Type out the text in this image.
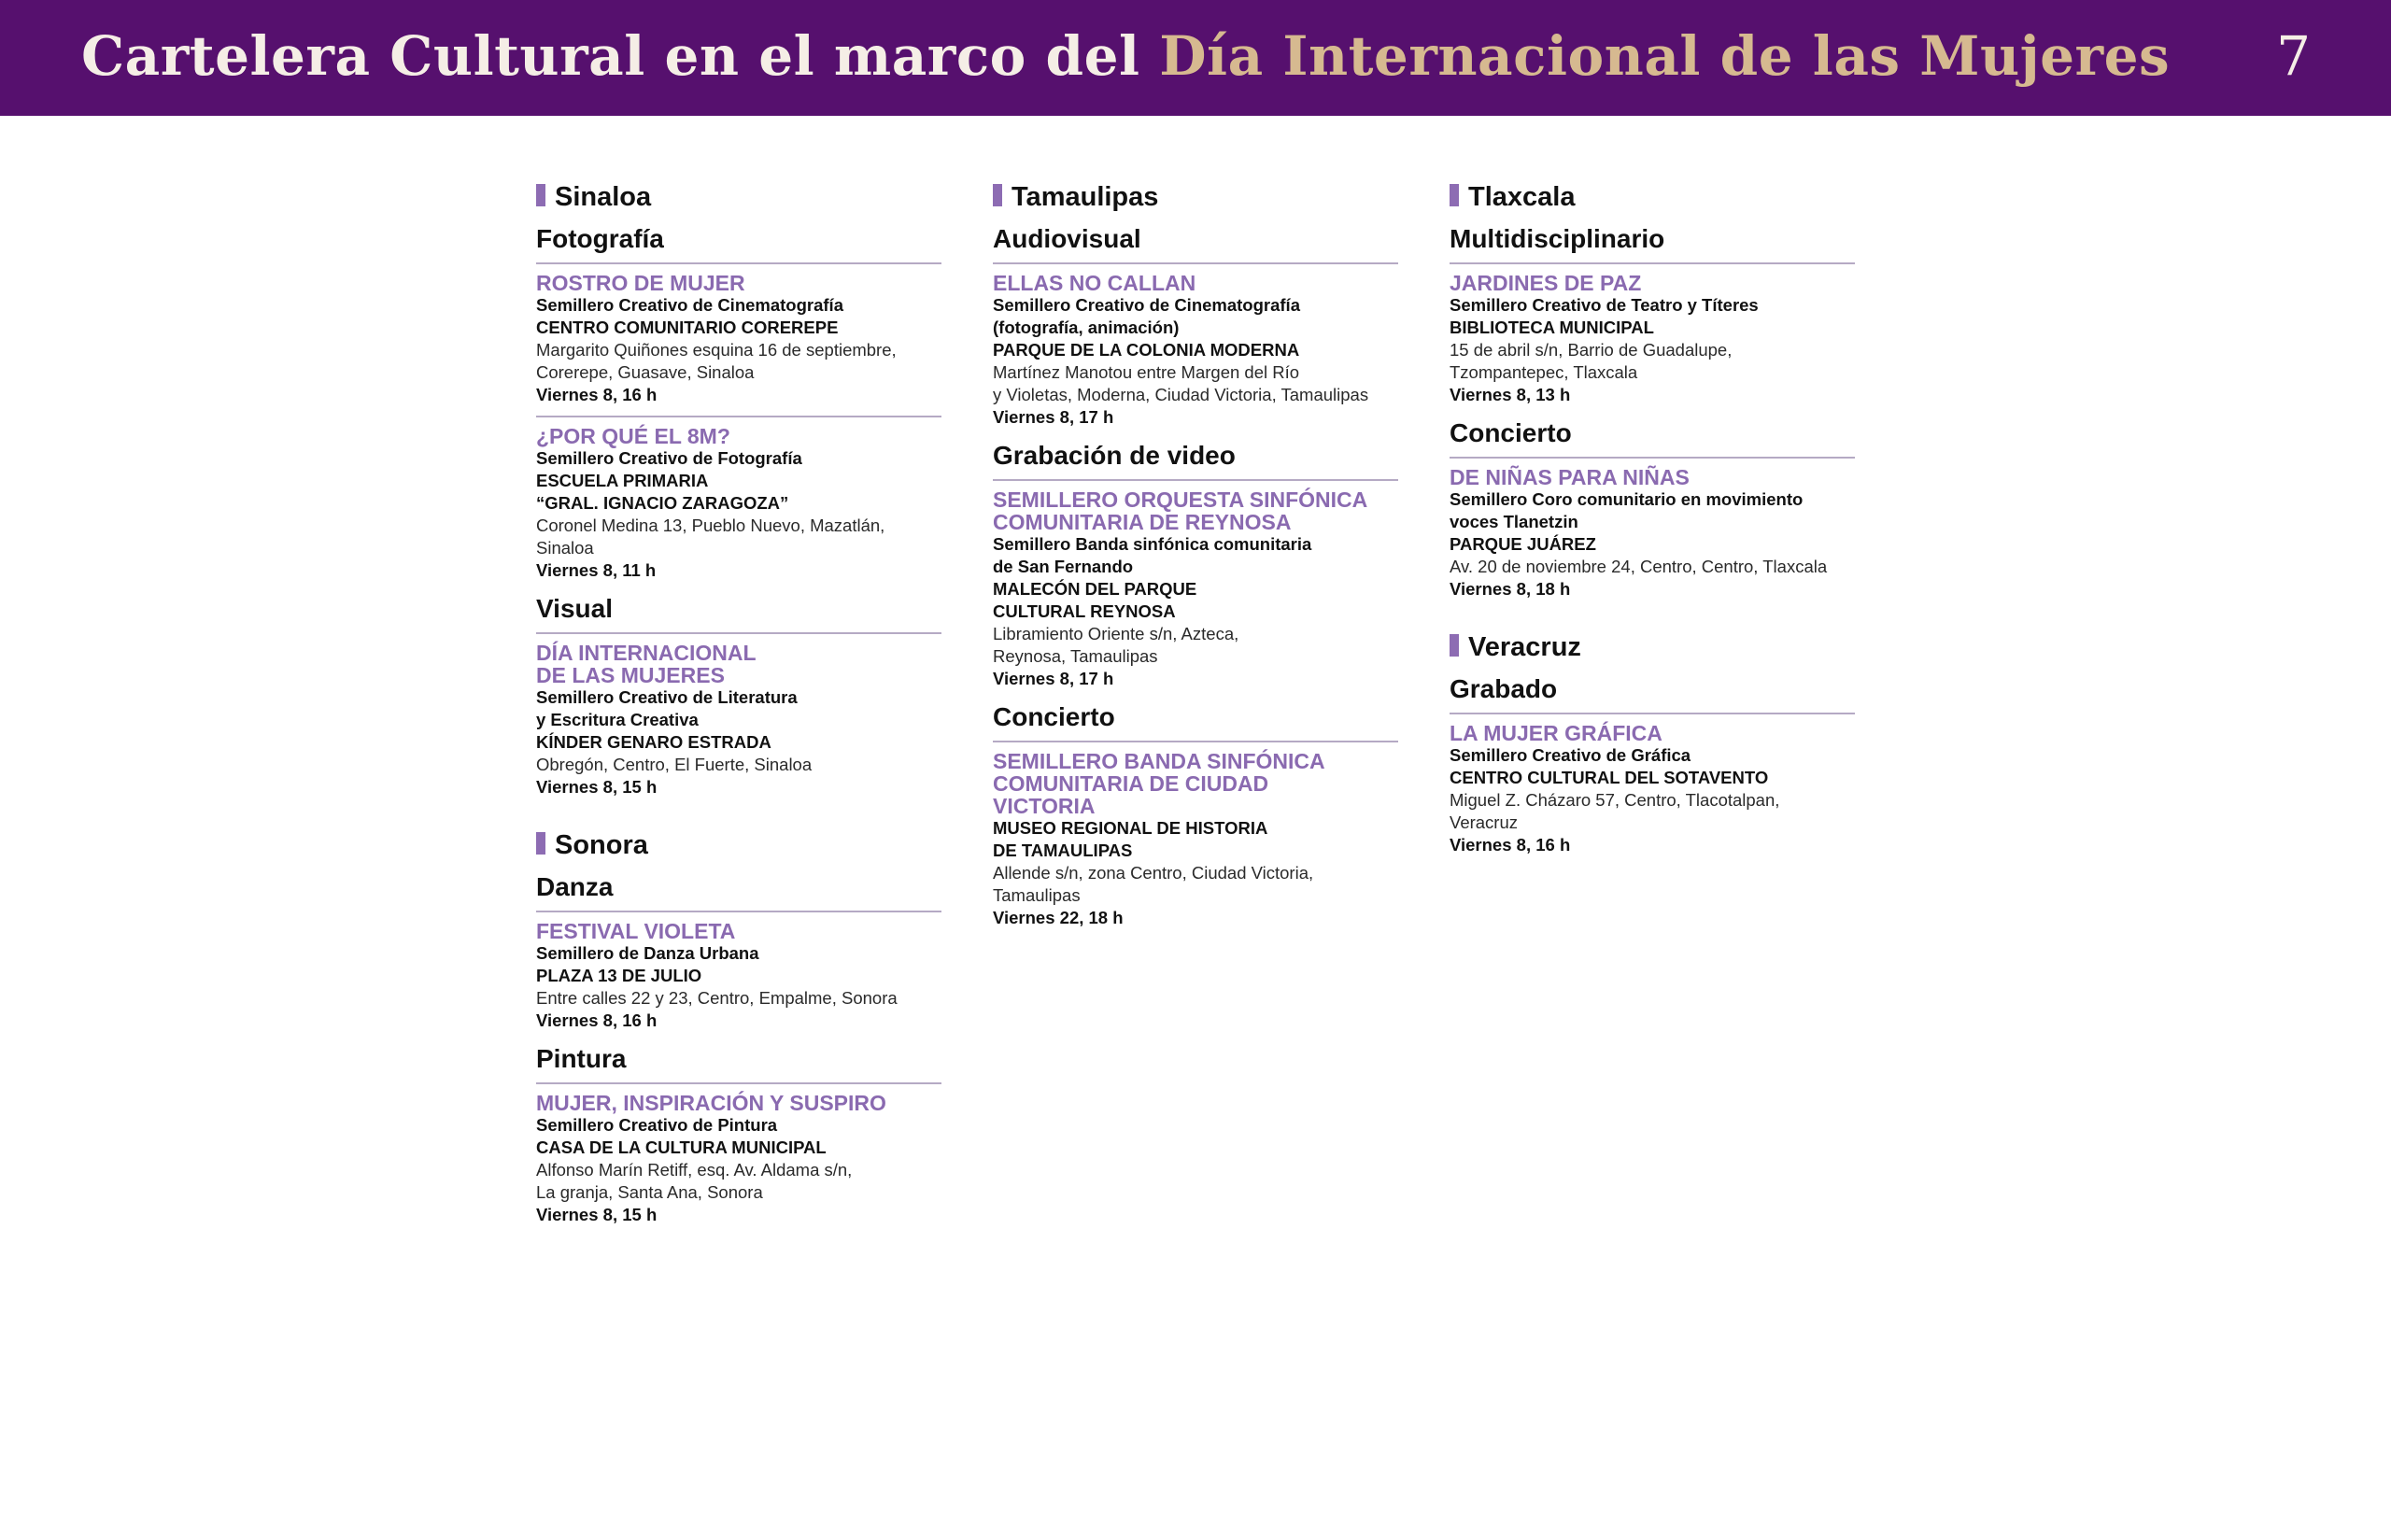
Cartelera Cultural en el marco del Día Internacional de las Mujeres 7
Sinaloa
Fotografía
ROSTRO DE MUJER
Semillero Creativo de Cinematografía
CENTRO COMUNITARIO COREREPE
Margarito Quiñones esquina 16 de septiembre,
Corerepe, Guasave, Sinaloa
Viernes 8, 16 h
¿POR QUÉ EL 8M?
Semillero Creativo de Fotografía
ESCUELA PRIMARIA
“GRAL. IGNACIO ZARAGOZA”
Coronel Medina 13, Pueblo Nuevo, Mazatlán,
Sinaloa
Viernes 8, 11 h
Visual
DÍA INTERNACIONAL
DE LAS MUJERES
Semillero Creativo de Literatura
y Escritura Creativa
KÍNDER GENARO ESTRADA
Obregón, Centro, El Fuerte, Sinaloa
Viernes 8, 15 h
Sonora
Danza
FESTIVAL VIOLETA
Semillero de Danza Urbana
PLAZA 13 DE JULIO
Entre calles 22 y 23, Centro, Empalme, Sonora
Viernes 8, 16 h
Pintura
MUJER, INSPIRACIÓN Y SUSPIRO
Semillero Creativo de Pintura
CASA DE LA CULTURA MUNICIPAL
Alfonso Marín Retiff, esq. Av. Aldama s/n,
La granja, Santa Ana, Sonora
Viernes 8, 15 h
Tamaulipas
Audiovisual
ELLAS NO CALLAN
Semillero Creativo de Cinematografía
(fotografía, animación)
PARQUE DE LA COLONIA MODERNA
Martínez Manotou entre Margen del Río
y Violetas, Moderna, Ciudad Victoria, Tamaulipas
Viernes 8, 17 h
Grabación de video
SEMILLERO ORQUESTA SINFÓNICA
COMUNITARIA DE REYNOSA
Semillero Banda sinfónica comunitaria
de San Fernando
MALECÓN DEL PARQUE
CULTURAL REYNOSA
Libramiento Oriente s/n, Azteca,
Reynosa, Tamaulipas
Viernes 8, 17 h
Concierto
SEMILLERO BANDA SINFÓNICA
COMUNITARIA DE CIUDAD
VICTORIA
MUSEO REGIONAL DE HISTORIA
DE TAMAULIPAS
Allende s/n, zona Centro, Ciudad Victoria,
Tamaulipas
Viernes 22, 18 h
Tlaxcala
Multidisciplinario
JARDINES DE PAZ
Semillero Creativo de Teatro y Títeres
BIBLIOTECA MUNICIPAL
15 de abril s/n, Barrio de Guadalupe,
Tzompantepec, Tlaxcala
Viernes 8, 13 h
Concierto
DE NIÑAS PARA NIÑAS
Semillero Coro comunitario en movimiento
voces Tlanetzin
PARQUE JUÁREZ
Av. 20 de noviembre 24, Centro, Centro, Tlaxcala
Viernes 8, 18 h
Veracruz
Grabado
LA MUJER GRÁFICA
Semillero Creativo de Gráfica
CENTRO CULTURAL DEL SOTAVENTO
Miguel Z. Cházaro 57, Centro, Tlacotalpan,
Veracruz
Viernes 8, 16 h
